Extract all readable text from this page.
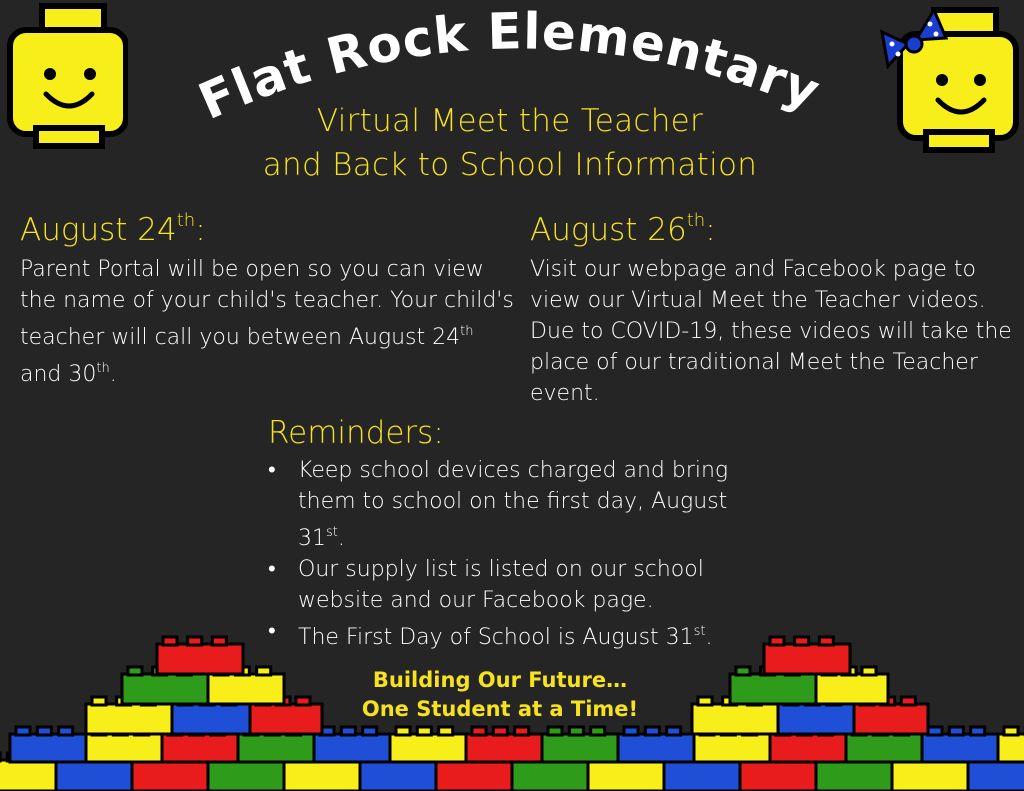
Flat Rock Elementary
Virtual Meet the Teacher
and Back to School Information
August 24th:
Parent Portal will be open so you can view the name of your child's teacher. Your child's teacher will call you between August 24th and 30th.
August 26th:
Visit our webpage and Facebook page to view our Virtual Meet the Teacher videos. Due to COVID-19, these videos will take the place of our traditional Meet the Teacher event.
Reminders:
• Keep school devices charged and bring them to school on the first day, August 31st.
• Our supply list is listed on our school website and our Facebook page.
• The First Day of School is August 31st.
Building Our Future…
One Student at a Time!
